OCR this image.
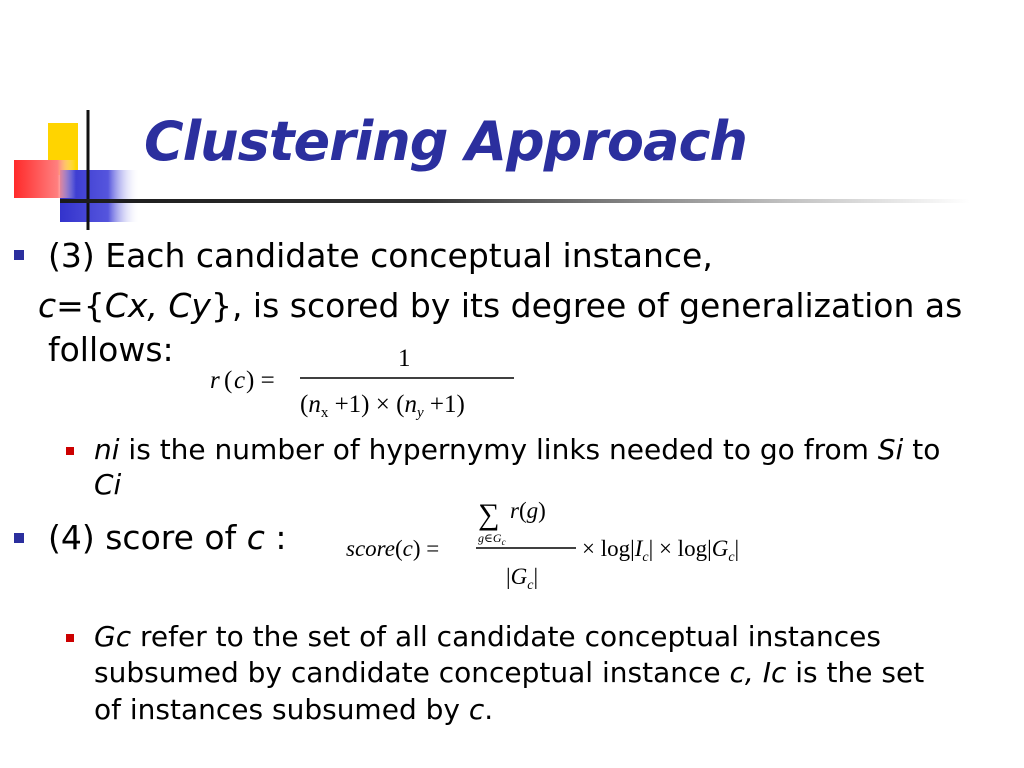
Clustering Approach
(3) Each candidate conceptual instance,
c={Cx, Cy}, is scored by its degree of generalization as
follows:
r ( c ) =
1
$(n_x +1) \times (n_y +1)$
ni is the number of hypernymy links needed to go from Si to
Ci
(4) score of c :	score(c) =
∑ r(g)
$g\in G_c$
$|G_c|$
× $\log|I_c| \times \log|G_c|$
Gc refer to the set of all candidate conceptual instances
subsumed by candidate conceptual instance c, Ic is the set
of instances subsumed by c.
